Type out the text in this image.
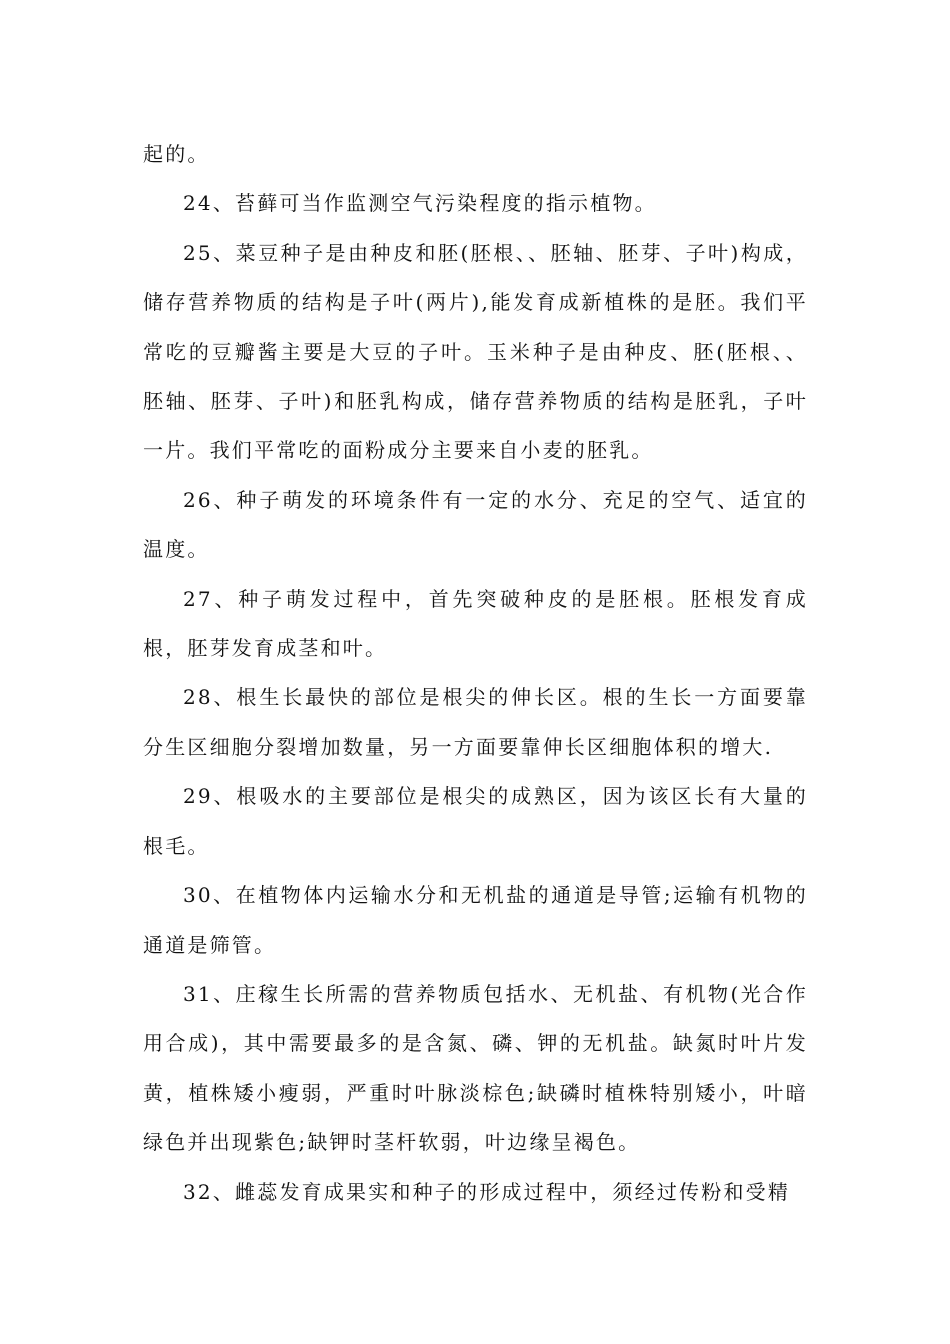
起的。

24、苔藓可当作监测空气污染程度的指示植物。

25、菜豆种子是由种皮和胚(胚根、、胚轴、胚芽、子叶)构成，储存营养物质的结构是子叶(两片),能发育成新植株的是胚。我们平常吃的豆瓣酱主要是大豆的子叶。玉米种子是由种皮、胚(胚根、、胚轴、胚芽、子叶)和胚乳构成，储存营养物质的结构是胚乳，子叶一片。我们平常吃的面粉成分主要来自小麦的胚乳。

26、种子萌发的环境条件有一定的水分、充足的空气、适宜的温度。

27、种子萌发过程中，首先突破种皮的是胚根。胚根发育成根，胚芽发育成茎和叶。

28、根生长最快的部位是根尖的伸长区。根的生长一方面要靠分生区细胞分裂增加数量，另一方面要靠伸长区细胞体积的增大.

29、根吸水的主要部位是根尖的成熟区，因为该区长有大量的根毛。

30、在植物体内运输水分和无机盐的通道是导管;运输有机物的通道是筛管。

31、庄稼生长所需的营养物质包括水、无机盐、有机物(光合作用合成)，其中需要最多的是含氮、磷、钾的无机盐。缺氮时叶片发黄，植株矮小瘦弱，严重时叶脉淡棕色;缺磷时植株特别矮小，叶暗绿色并出现紫色;缺钾时茎杆软弱，叶边缘呈褐色。

32、雌蕊发育成果实和种子的形成过程中，须经过传粉和受精
